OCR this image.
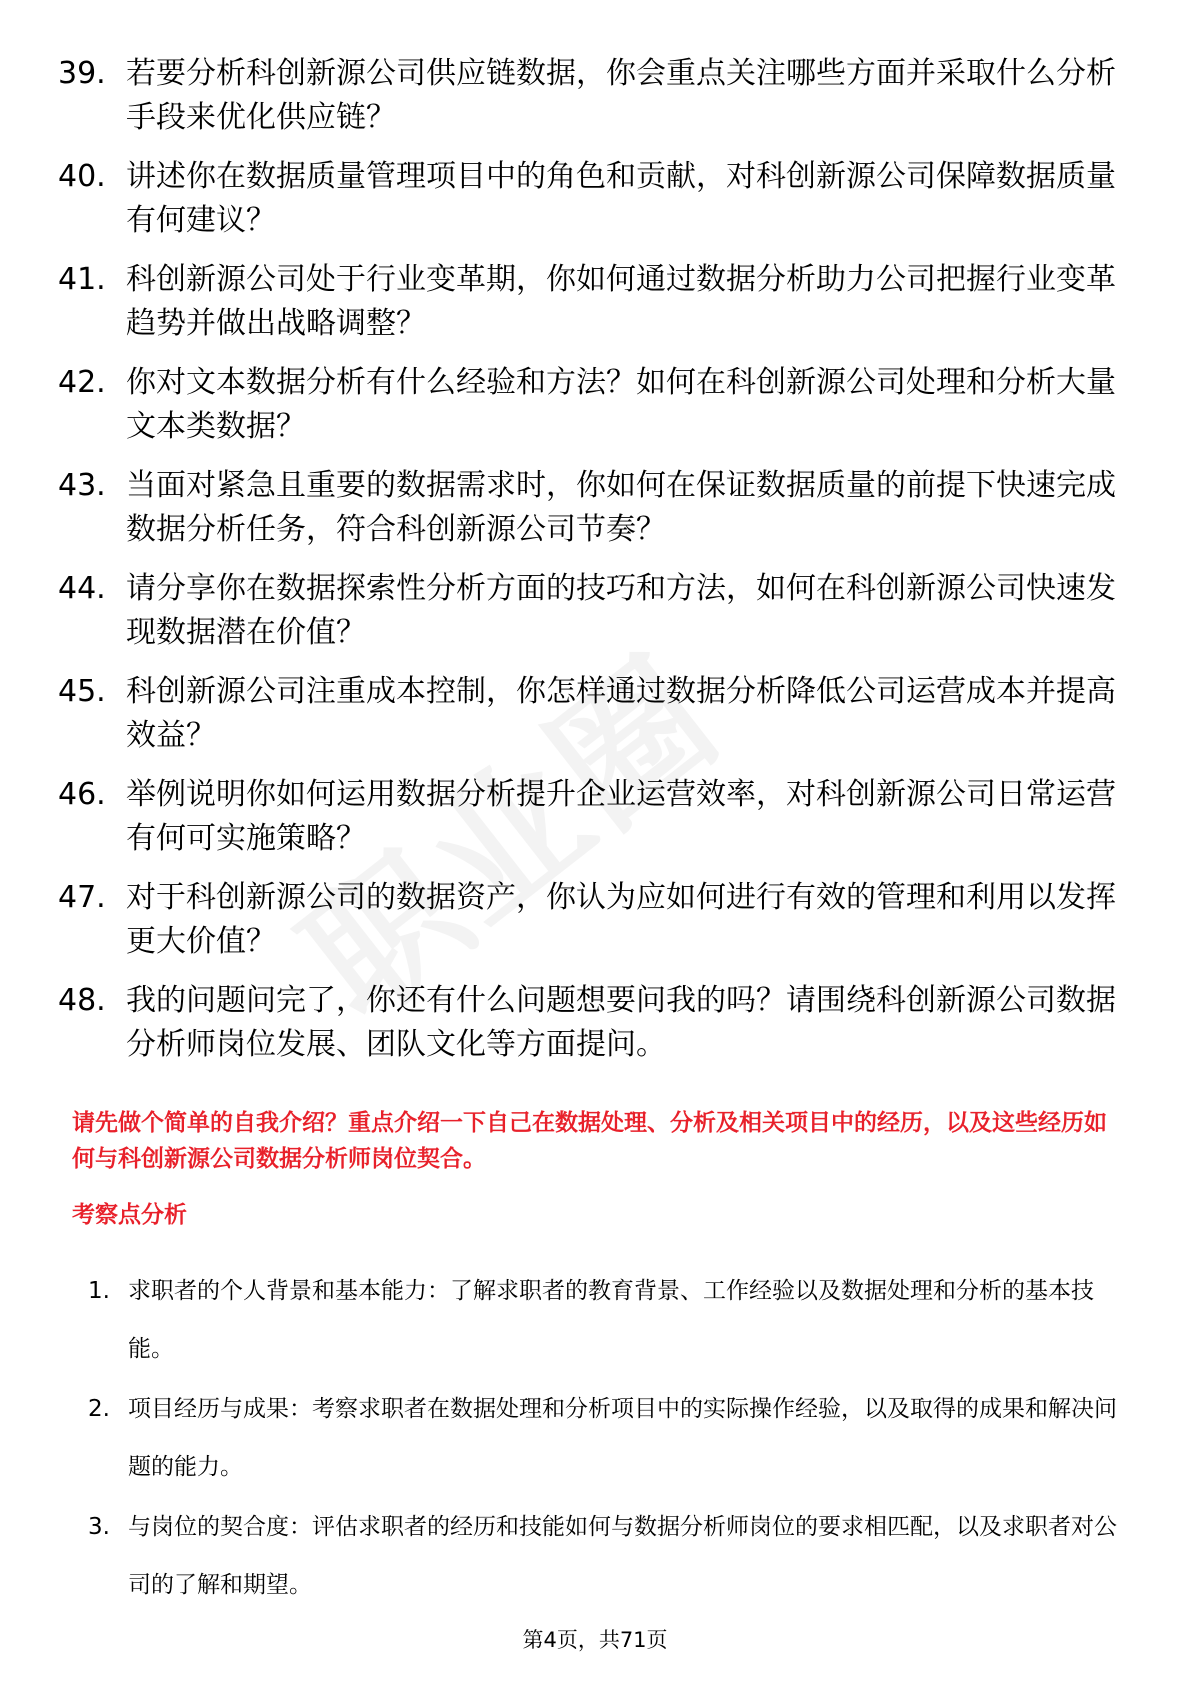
39. 若要分析科创新源公司供应链数据，你会重点关注哪些方面并采取什么分析手段来优化供应链？
40. 讲述你在数据质量管理项目中的角色和贡献，对科创新源公司保障数据质量有何建议？
41. 科创新源公司处于行业变革期，你如何通过数据分析助力公司把握行业变革趋势并做出战略调整？
42. 你对文本数据分析有什么经验和方法？如何在科创新源公司处理和分析大量文本类数据？
43. 当面对紧急且重要的数据需求时，你如何在保证数据质量的前提下快速完成数据分析任务，符合科创新源公司节奏？
44. 请分享你在数据探索性分析方面的技巧和方法，如何在科创新源公司快速发现数据潜在价值？
45. 科创新源公司注重成本控制，你怎样通过数据分析降低公司运营成本并提高效益？
46. 举例说明你如何运用数据分析提升企业运营效率，对科创新源公司日常运营有何可实施策略？
47. 对于科创新源公司的数据资产，你认为应如何进行有效的管理和利用以发挥更大价值？
48. 我的问题问完了，你还有什么问题想要问我的吗？请围绕科创新源公司数据分析师岗位发展、团队文化等方面提问。
请先做个简单的自我介绍？重点介绍一下自己在数据处理、分析及相关项目中的经历，以及这些经历如何与科创新源公司数据分析师岗位契合。
考察点分析
1. 求职者的个人背景和基本能力：了解求职者的教育背景、工作经验以及数据处理和分析的基本技能。
2. 项目经历与成果：考察求职者在数据处理和分析项目中的实际操作经验，以及取得的成果和解决问题的能力。
3. 与岗位的契合度：评估求职者的经历和技能如何与数据分析师岗位的要求相匹配，以及求职者对公司的了解和期望。
第4页，共71页
